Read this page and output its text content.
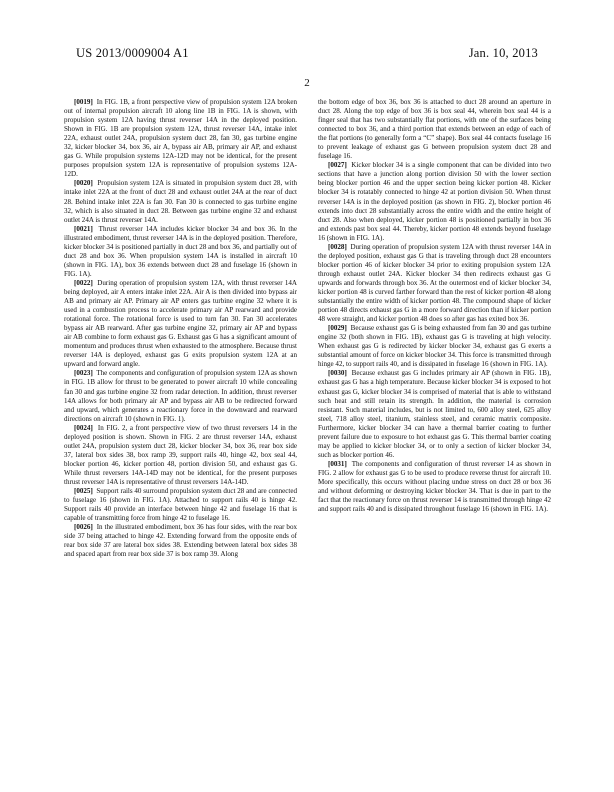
US 2013/0009004 A1	Jan. 10, 2013
2

[0019] In FIG. 1B, a front perspective view of propulsion system 12A broken out of internal propulsion aircraft 10 along line 1B in FIG. 1A is shown, with propulsion system 12A having thrust reverser 14A in the deployed position. Shown in FIG. 1B are propulsion system 12A, thrust reverser 14A, intake inlet 22A, exhaust outlet 24A, propulsion system duct 28, fan 30, gas turbine engine 32, kicker blocker 34, box 36, air A, bypass air AB, primary air AP, and exhaust gas G. While propulsion systems 12A-12D may not be identical, for the present purposes propulsion system 12A is representative of propulsion systems 12A-12D.

[0020] Propulsion system 12A is situated in propulsion system duct 28, with intake inlet 22A at the front of duct 28 and exhaust outlet 24A at the rear of duct 28. Behind intake inlet 22A is fan 30. Fan 30 is connected to gas turbine engine 32, which is also situated in duct 28. Between gas turbine engine 32 and exhaust outlet 24A is thrust reverser 14A.

[0021] Thrust reverser 14A includes kicker blocker 34 and box 36. In the illustrated embodiment, thrust reverser 14A is in the deployed position. Therefore, kicker blocker 34 is positioned partially in duct 28 and box 36, and partially out of duct 28 and box 36. When propulsion system 14A is installed in aircraft 10 (shown in FIG. 1A), box 36 extends between duct 28 and fuselage 16 (shown in FIG. 1A).

[0022] During operation of propulsion system 12A, with thrust reverser 14A being deployed, air A enters intake inlet 22A. Air A is then divided into bypass air AB and primary air AP. Primary air AP enters gas turbine engine 32 where it is used in a combustion process to accelerate primary air AP rearward and provide rotational force. The rotational force is used to turn fan 30. Fan 30 accelerates bypass air AB rearward. After gas turbine engine 32, primary air AP and bypass air AB combine to form exhaust gas G. Exhaust gas G has a significant amount of momentum and produces thrust when exhausted to the atmosphere. Because thrust reverser 14A is deployed, exhaust gas G exits propulsion system 12A at an upward and forward angle.

[0023] The components and configuration of propulsion system 12A as shown in FIG. 1B allow for thrust to be generated to power aircraft 10 while concealing fan 30 and gas turbine engine 32 from radar detection. In addition, thrust reverser 14A allows for both primary air AP and bypass air AB to be redirected forward and upward, which generates a reactionary force in the downward and rearward directions on aircraft 10 (shown in FIG. 1).

[0024] In FIG. 2, a front perspective view of two thrust reversers 14 in the deployed position is shown. Shown in FIG. 2 are thrust reverser 14A, exhaust outlet 24A, propulsion system duct 28, kicker blocker 34, box 36, rear box side 37, lateral box sides 38, box ramp 39, support rails 40, hinge 42, box seal 44, blocker portion 46, kicker portion 48, portion division 50, and exhaust gas G. While thrust reversers 14A-14D may not be identical, for the present purposes thrust reverser 14A is representative of thrust reversers 14A-14D.

[0025] Support rails 40 surround propulsion system duct 28 and are connected to fuselage 16 (shown in FIG. 1A). Attached to support rails 40 is hinge 42. Support rails 40 provide an interface between hinge 42 and fuselage 16 that is capable of transmitting force from hinge 42 to fuselage 16.

[0026] In the illustrated embodiment, box 36 has four sides, with the rear box side 37 being attached to hinge 42. Extending forward from the opposite ends of rear box side 37 are lateral box sides 38. Extending between lateral box sides 38 and spaced apart from rear box side 37 is box ramp 39. Along

the bottom edge of box 36, box 36 is attached to duct 28 around an aperture in duct 28. Along the top edge of box 36 is box seal 44, wherein box seal 44 is a finger seal that has two substantially flat portions, with one of the surfaces being connected to box 36, and a third portion that extends between an edge of each of the flat portions (to generally form a “C” shape). Box seal 44 contacts fuselage 16 to prevent leakage of exhaust gas G between propulsion system duct 28 and fuselage 16.

[0027] Kicker blocker 34 is a single component that can be divided into two sections that have a junction along portion division 50 with the lower section being blocker portion 46 and the upper section being kicker portion 48. Kicker blocker 34 is rotatably connected to hinge 42 at portion division 50. When thrust reverser 14A is in the deployed position (as shown in FIG. 2), blocker portion 46 extends into duct 28 substantially across the entire width and the entire height of duct 28. Also when deployed, kicker portion 48 is positioned partially in box 36 and extends past box seal 44. Thereby, kicker portion 48 extends beyond fuselage 16 (shown in FIG. 1A).

[0028] During operation of propulsion system 12A with thrust reverser 14A in the deployed position, exhaust gas G that is traveling through duct 28 encounters blocker portion 46 of kicker blocker 34 prior to exiting propulsion system 12A through exhaust outlet 24A. Kicker blocker 34 then redirects exhaust gas G upwards and forwards through box 36. At the outermost end of kicker blocker 34, kicker portion 48 is curved farther forward than the rest of kicker portion 48 along substantially the entire width of kicker portion 48. The compound shape of kicker portion 48 directs exhaust gas G in a more forward direction than if kicker portion 48 were straight, and kicker portion 48 does so after gas has exited box 36.

[0029] Because exhaust gas G is being exhausted from fan 30 and gas turbine engine 32 (both shown in FIG. 1B), exhaust gas G is traveling at high velocity. When exhaust gas G is redirected by kicker blocker 34, exhaust gas G exerts a substantial amount of force on kicker blocker 34. This force is transmitted through hinge 42, to support rails 40, and is dissipated in fuselage 16 (shown in FIG. 1A).

[0030] Because exhaust gas G includes primary air AP (shown in FIG. 1B), exhaust gas G has a high temperature. Because kicker blocker 34 is exposed to hot exhaust gas G, kicker blocker 34 is comprised of material that is able to withstand such heat and still retain its strength. In addition, the material is corrosion resistant. Such material includes, but is not limited to, 600 alloy steel, 625 alloy steel, 718 alloy steel, titanium, stainless steel, and ceramic matrix composite. Furthermore, kicker blocker 34 can have a thermal barrier coating to further prevent failure due to exposure to hot exhaust gas G. This thermal barrier coating may be applied to kicker blocker 34, or to only a section of kicker blocker 34, such as blocker portion 46.

[0031] The components and configuration of thrust reverser 14 as shown in FIG. 2 allow for exhaust gas G to be used to produce reverse thrust for aircraft 10. More specifically, this occurs without placing undue stress on duct 28 or box 36 and without deforming or destroying kicker blocker 34. That is due in part to the fact that the reactionary force on thrust reverser 14 is transmitted through hinge 42 and support rails 40 and is dissipated throughout fuselage 16 (shown in FIG. 1A).
